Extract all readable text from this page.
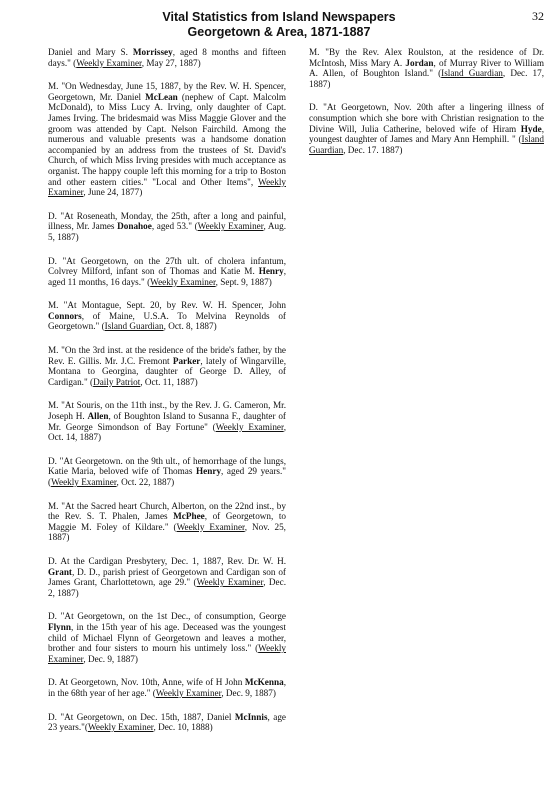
Vital Statistics from Island Newspapers
Georgetown & Area, 1871-1887
32

Daniel and Mary S. Morrissey, aged 8 months and fifteen days." (Weekly Examiner, May 27, 1887)

M. "On Wednesday, June 15, 1887, by the Rev. W. H. Spencer, Georgetown, Mr. Daniel McLean (nephew of Capt. Malcolm McDonald), to Miss Lucy A. Irving, only daughter of Capt. James Irving. The bridesmaid was Miss Maggie Glover and the groom was attended by Capt. Nelson Fairchild. Among the numerous and valuable presents was a handsome donation accompanied by an address from the trustees of St. David's Church, of which Miss Irving presides with much acceptance as organist. The happy couple left this morning for a trip to Boston and other eastern cities." "Local and Other Items", Weekly Examiner, June 24, 1877)

D. "At Roseneath, Monday, the 25th, after a long and painful, illness, Mr. James Donahoe, aged 53." (Weekly Examiner, Aug. 5, 1887)

D. "At Georgetown, on the 27th ult. of cholera infantum, Colvrey Milford, infant son of Thomas and Katie M. Henry, aged 11 months, 16 days." (Weekly Examiner, Sept. 9, 1887)

M. "At Montague, Sept. 20, by Rev. W. H. Spencer, John Connors, of Maine, U.S.A. To Melvina Reynolds of Georgetown." (Island Guardian, Oct. 8, 1887)

M. "On the 3rd inst. at the residence of the bride's father, by the Rev. E. Gillis. Mr. J.C. Fremont Parker, lately of Wingarville, Montana to Georgina, daughter of George D. Alley, of Cardigan." (Daily Patriot, Oct. 11, 1887)

M. "At Souris, on the 11th inst., by the Rev. J. G. Cameron, Mr. Joseph H. Allen, of Boughton Island to Susanna F., daughter of Mr. George Simondson of Bay Fortune" (Weekly Examiner, Oct. 14, 1887)

D. "At Georgetown. on the 9th ult., of hemorrhage of the lungs, Katie Maria, beloved wife of Thomas Henry, aged 29 years." (Weekly Examiner, Oct. 22, 1887)

M. "At the Sacred heart Church, Alberton, on the 22nd inst., by the Rev. S. T. Phalen, James McPhee, of Georgetown, to Maggie M. Foley of Kildare." (Weekly Examiner, Nov. 25, 1887)

D. At the Cardigan Presbytery, Dec. 1, 1887, Rev. Dr. W. H. Grant, D. D., parish priest of Georgetown and Cardigan son of James Grant, Charlottetown, age 29." (Weekly Examiner, Dec. 2, 1887)

D. "At Georgetown, on the 1st Dec., of consumption, George Flynn, in the 15th year of his age. Deceased was the youngest child of Michael Flynn of Georgetown and leaves a mother, brother and four sisters to mourn his untimely loss." (Weekly Examiner, Dec. 9, 1887)

D. At Georgetown, Nov. 10th, Anne, wife of H John McKenna, in the 68th year of her age." (Weekly Examiner, Dec. 9, 1887)

D. "At Georgetown, on Dec. 15th, 1887, Daniel McInnis, age 23 years."(Weekly Examiner, Dec. 10, 1888)

M. "By the Rev. Alex Roulston, at the residence of Dr. McIntosh, Miss Mary A. Jordan, of Murray River to William A. Allen, of Boughton Island." (Island Guardian, Dec. 17, 1887)

D. "At Georgetown, Nov. 20th after a lingering illness of consumption which she bore with Christian resignation to the Divine Will, Julia Catherine, beloved wife of Hiram Hyde, youngest daughter of James and Mary Ann Hemphill. " (Island Guardian, Dec. 17. 1887)
